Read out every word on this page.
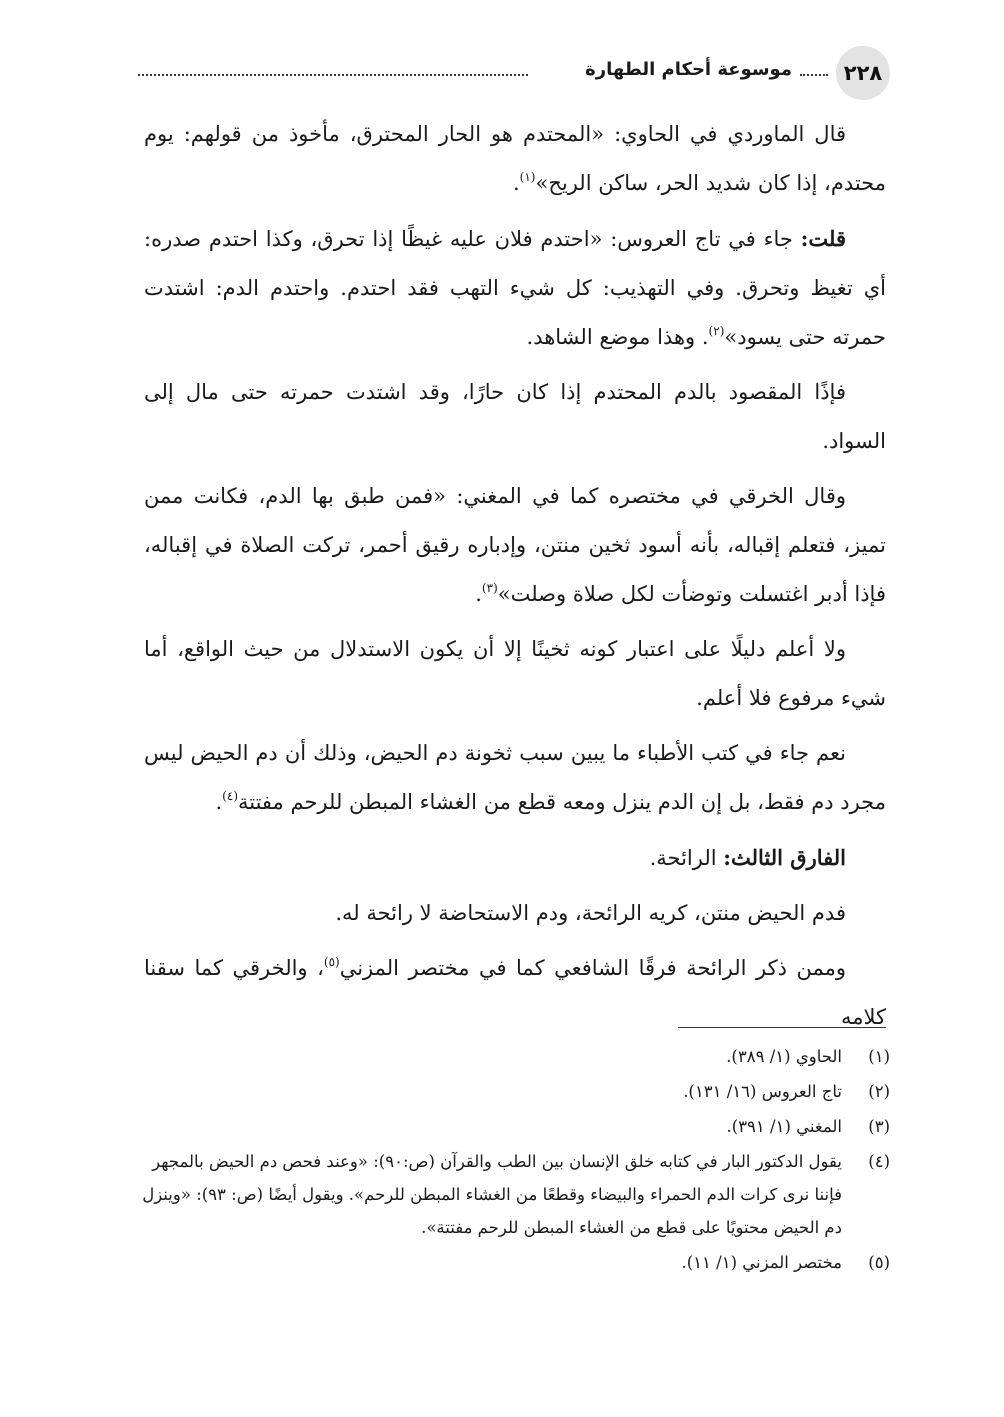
٢٢٨
موسوعة أحكام الطهارة

قال الماوردي في الحاوي: «المحتدم هو الحار المحترق، مأخوذ من قولهم: يوم محتدم، إذا كان شديد الحر، ساكن الريح»$^{(١)}$.

قلت: جاء في تاج العروس: «احتدم فلان عليه غيظًا إذا تحرق، وكذا احتدم صدره: أي تغيظ وتحرق. وفي التهذيب: كل شيء التهب فقد احتدم. واحتدم الدم: اشتدت حمرته حتى يسود»$^{(٢)}$. وهذا موضع الشاهد.

فإذًا المقصود بالدم المحتدم إذا كان حارًا، وقد اشتدت حمرته حتى مال إلى السواد.

وقال الخرقي في مختصره كما في المغني: «فمن طبق بها الدم، فكانت ممن تميز، فتعلم إقباله، بأنه أسود ثخين منتن، وإدباره رقيق أحمر، تركت الصلاة في إقباله، فإذا أدبر اغتسلت وتوضأت لكل صلاة وصلت»$^{(٣)}$.

ولا أعلم دليلًا على اعتبار كونه ثخينًا إلا أن يكون الاستدلال من حيث الواقع، أما شيء مرفوع فلا أعلم.

نعم جاء في كتب الأطباء ما يبين سبب ثخونة دم الحيض، وذلك أن دم الحيض ليس مجرد دم فقط، بل إن الدم ينزل ومعه قطع من الغشاء المبطن للرحم مفتتة$^{(٤)}$.

الفارق الثالث: الرائحة.

فدم الحيض منتن، كريه الرائحة، ودم الاستحاضة لا رائحة له.

وممن ذكر الرائحة فرقًا الشافعي كما في مختصر المزني$^{(٥)}$، والخرقي كما سقنا كلامه

(١)
الحاوي (١/ ٣٨٩).
(٢)
تاج العروس (١٦/ ١٣١).
(٣)
المغني (١/ ٣٩١).
(٤)
يقول الدكتور البار في كتابه خلق الإنسان بين الطب والقرآن (ص:٩٠): «وعند فحص دم الحيض بالمجهر فإننا نرى كرات الدم الحمراء والبيضاء وقطعًا من الغشاء المبطن للرحم». ويقول أيضًا (ص: ٩٣): «وينزل دم الحيض محتويًا على قطع من الغشاء المبطن للرحم مفتتة».
(٥)
مختصر المزني (١/ ١١).
